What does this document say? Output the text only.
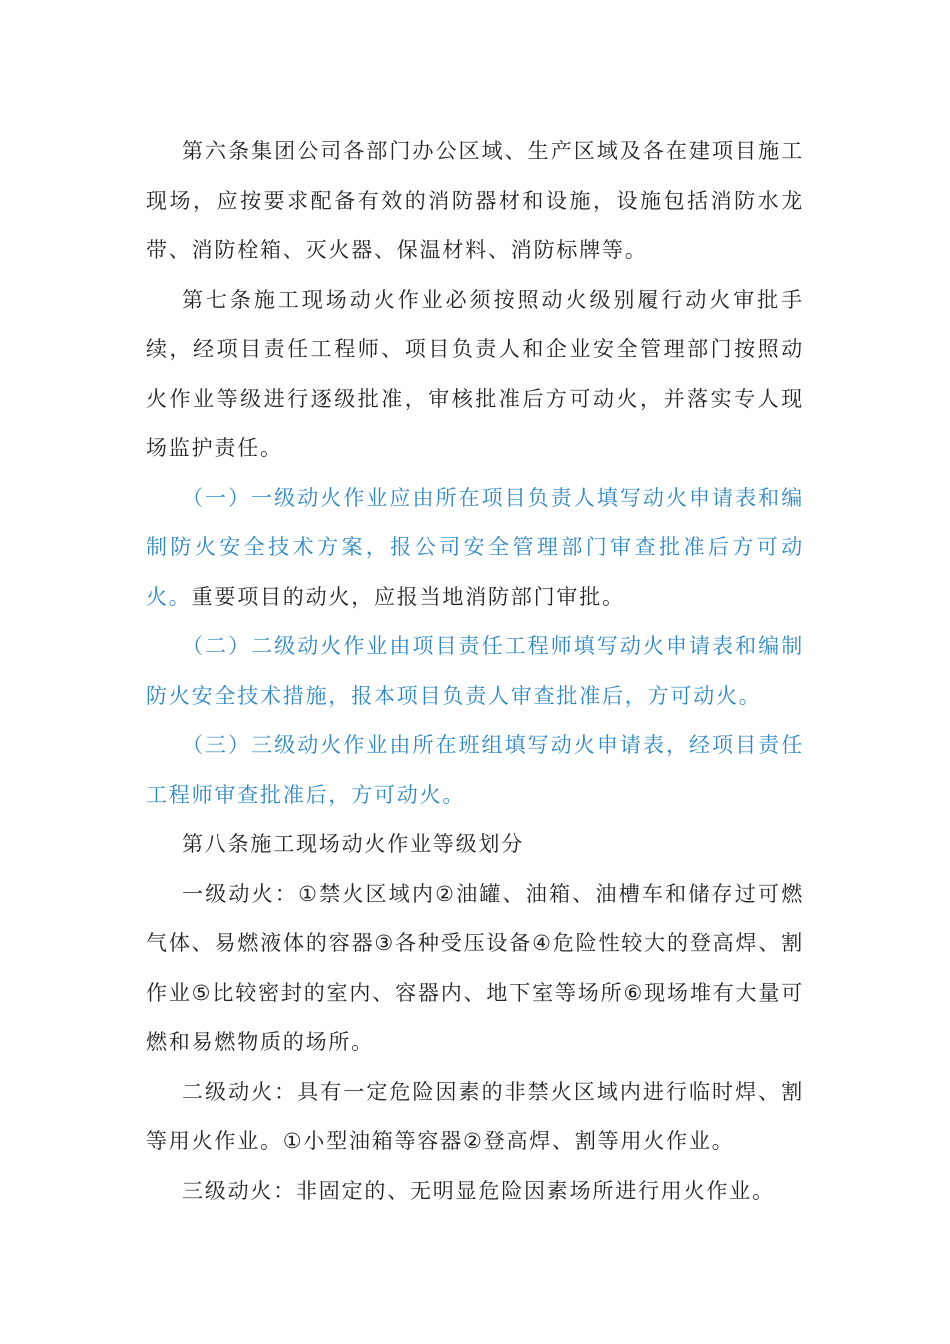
第六条集团公司各部门办公区域、生产区域及各在建项目施工现场，应按要求配备有效的消防器材和设施，设施包括消防水龙带、消防栓箱、灭火器、保温材料、消防标牌等。

第七条施工现场动火作业必须按照动火级别履行动火审批手续，经项目责任工程师、项目负责人和企业安全管理部门按照动火作业等级进行逐级批准，审核批准后方可动火，并落实专人现场监护责任。

（一）一级动火作业应由所在项目负责人填写动火申请表和编制防火安全技术方案，报公司安全管理部门审查批准后方可动火。重要项目的动火，应报当地消防部门审批。

（二）二级动火作业由项目责任工程师填写动火申请表和编制防火安全技术措施，报本项目负责人审查批准后，方可动火。

（三）三级动火作业由所在班组填写动火申请表，经项目责任工程师审查批准后，方可动火。

第八条施工现场动火作业等级划分

一级动火：①禁火区域内②油罐、油箱、油槽车和储存过可燃气体、易燃液体的容器③各种受压设备④危险性较大的登高焊、割作业⑤比较密封的室内、容器内、地下室等场所⑥现场堆有大量可燃和易燃物质的场所。

二级动火：具有一定危险因素的非禁火区域内进行临时焊、割等用火作业。①小型油箱等容器②登高焊、割等用火作业。

三级动火：非固定的、无明显危险因素场所进行用火作业。
